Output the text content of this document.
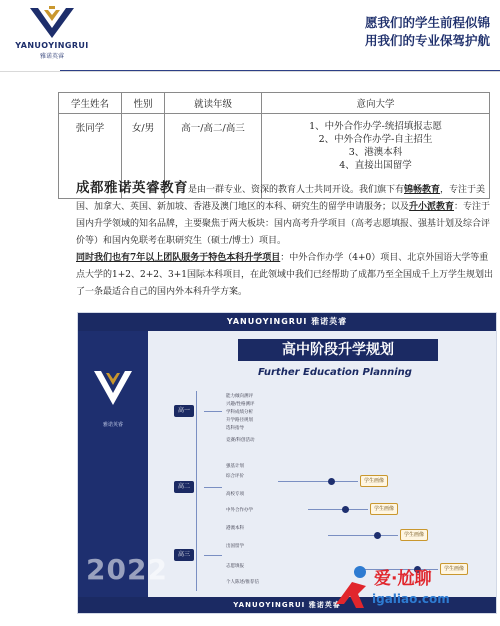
YANUOYINGRUI
雅诺英睿
愿我们的学生前程似锦
用我们的专业保驾护航
学生姓名	性别	就读年级	意向大学
张同学	女/男	高一/高二/高三	1、中外合作办学-统招填报志愿
2、中外合作办学-自主招生
3、港澳本科
4、直接出国留学
成都雅诺英睿教育是由一群专业、资深的教育人士共同开设。我们旗下有锦畅教育，专注于美国、加拿大、英国、新加坡、香港及澳门地区的本科、研究生的留学申请服务；以及升小派教育：专注于国内升学领域的知名品牌，主要聚焦于两大板块：国内高考升学项目（高考志愿填报、强基计划及综合评价等）和国内免联考在职研究生（硕士/博士）项目。
同时我们也有7年以上团队服务于特色本科升学项目：中外合作办学（4+0）项目、北京外国语大学等重点大学的1+2、2+2、3+1国际本科项目，在此领域中我们已经帮助了成都乃至全国成千上万学生规划出了一条最适合自己的国内外本科升学方案。
YANUOYINGRUI 雅诺英睿
雅诺英睿
2022
高中阶段升学规划
Further Education Planning
高一
高二
高三
能力倾向测评
兴趣/性格测评
学科成绩分析
升学路径规划
选科指导
竞赛/科创活动
强基计划
综合评价
高校专项
中外合作办学
港澳本科
出国留学
志愿填报
个人陈述/推荐信
学生画像
学生画像
学生画像
学生画像
YANUOYINGRUI 雅诺英睿
爱·尬聊
igaliao.com
